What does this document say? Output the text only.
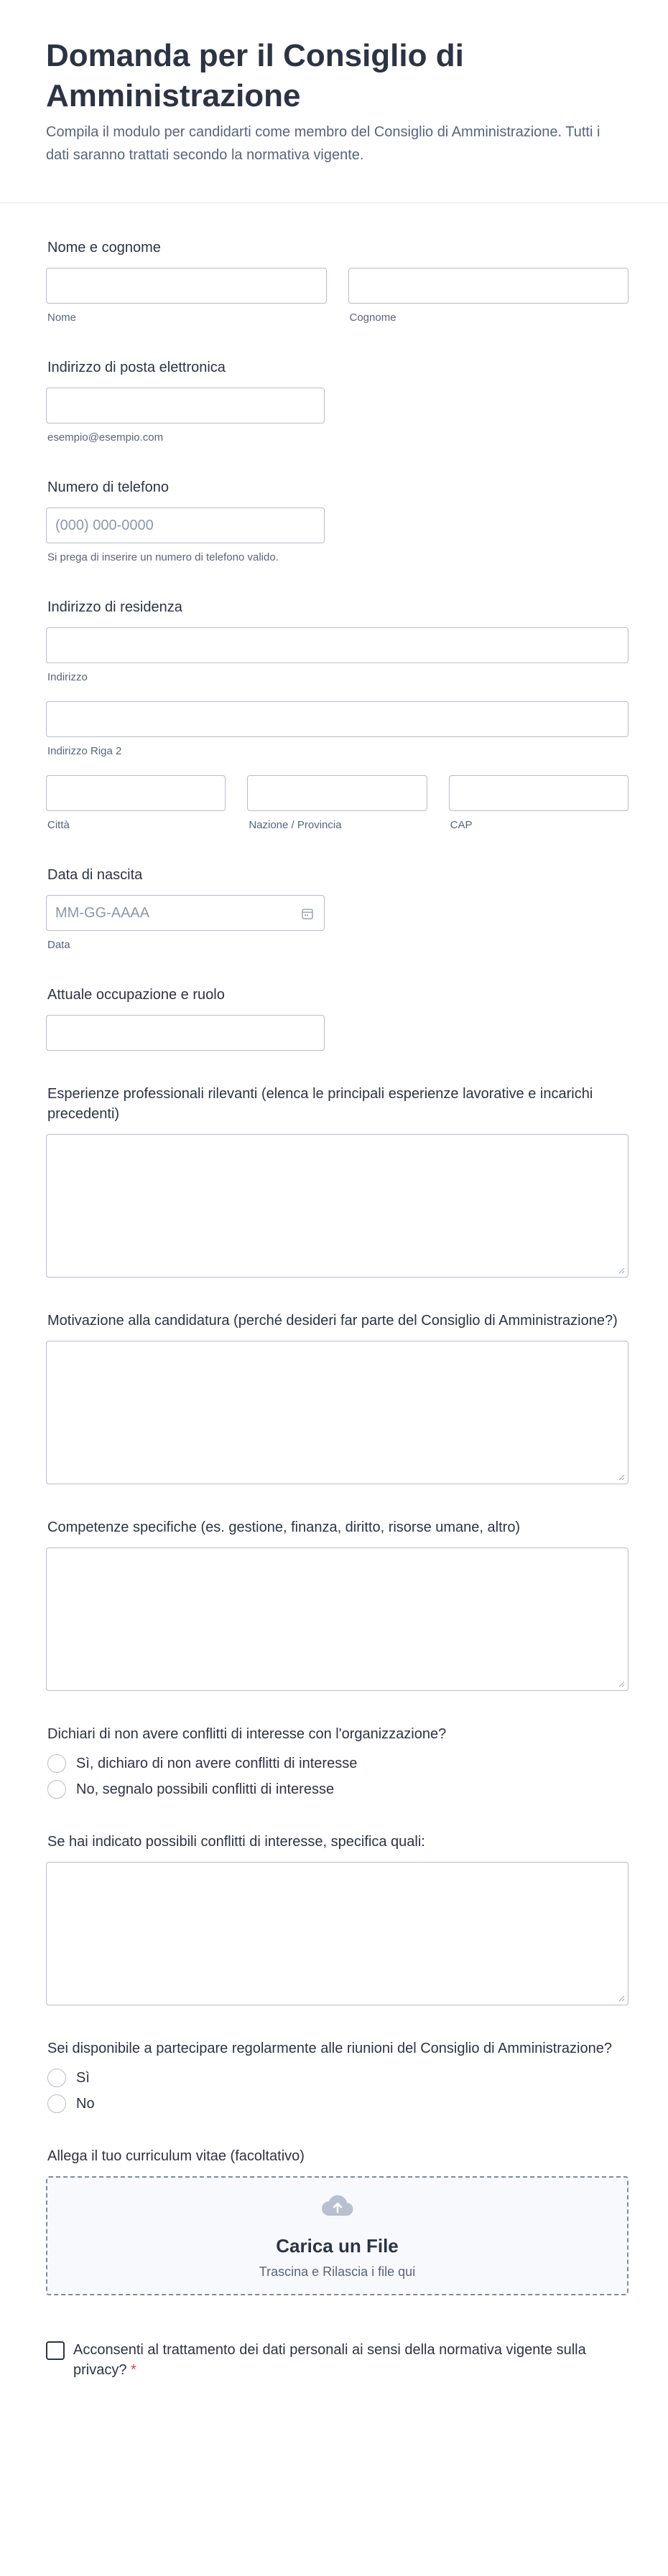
Domanda per il Consiglio di Amministrazione

Compila il modulo per candidarti come membro del Consiglio di Amministrazione. Tutti i dati saranno trattati secondo la normativa vigente.

Nome e cognome
Nome	Cognome
Indirizzo di posta elettronica
esempio@esempio.com
Numero di telefono
(000) 000-0000
Si prega di inserire un numero di telefono valido.
Indirizzo di residenza
Indirizzo
Indirizzo Riga 2
Città	Nazione / Provincia	CAP
Data di nascita
MM-GG-AAAA
Data
Attuale occupazione e ruolo
Esperienze professionali rilevanti (elenca le principali esperienze lavorative e incarichi precedenti)
Motivazione alla candidatura (perché desideri far parte del Consiglio di Amministrazione?)
Competenze specifiche (es. gestione, finanza, diritto, risorse umane, altro)
Dichiari di non avere conflitti di interesse con l'organizzazione?
Sì, dichiaro di non avere conflitti di interesse
No, segnalo possibili conflitti di interesse
Se hai indicato possibili conflitti di interesse, specifica quali:
Sei disponibile a partecipare regolarmente alle riunioni del Consiglio di Amministrazione?
Sì
No
Allega il tuo curriculum vitae (facoltativo)
Carica un File
Trascina e Rilascia i file qui
Acconsenti al trattamento dei dati personali ai sensi della normativa vigente sulla privacy? *
